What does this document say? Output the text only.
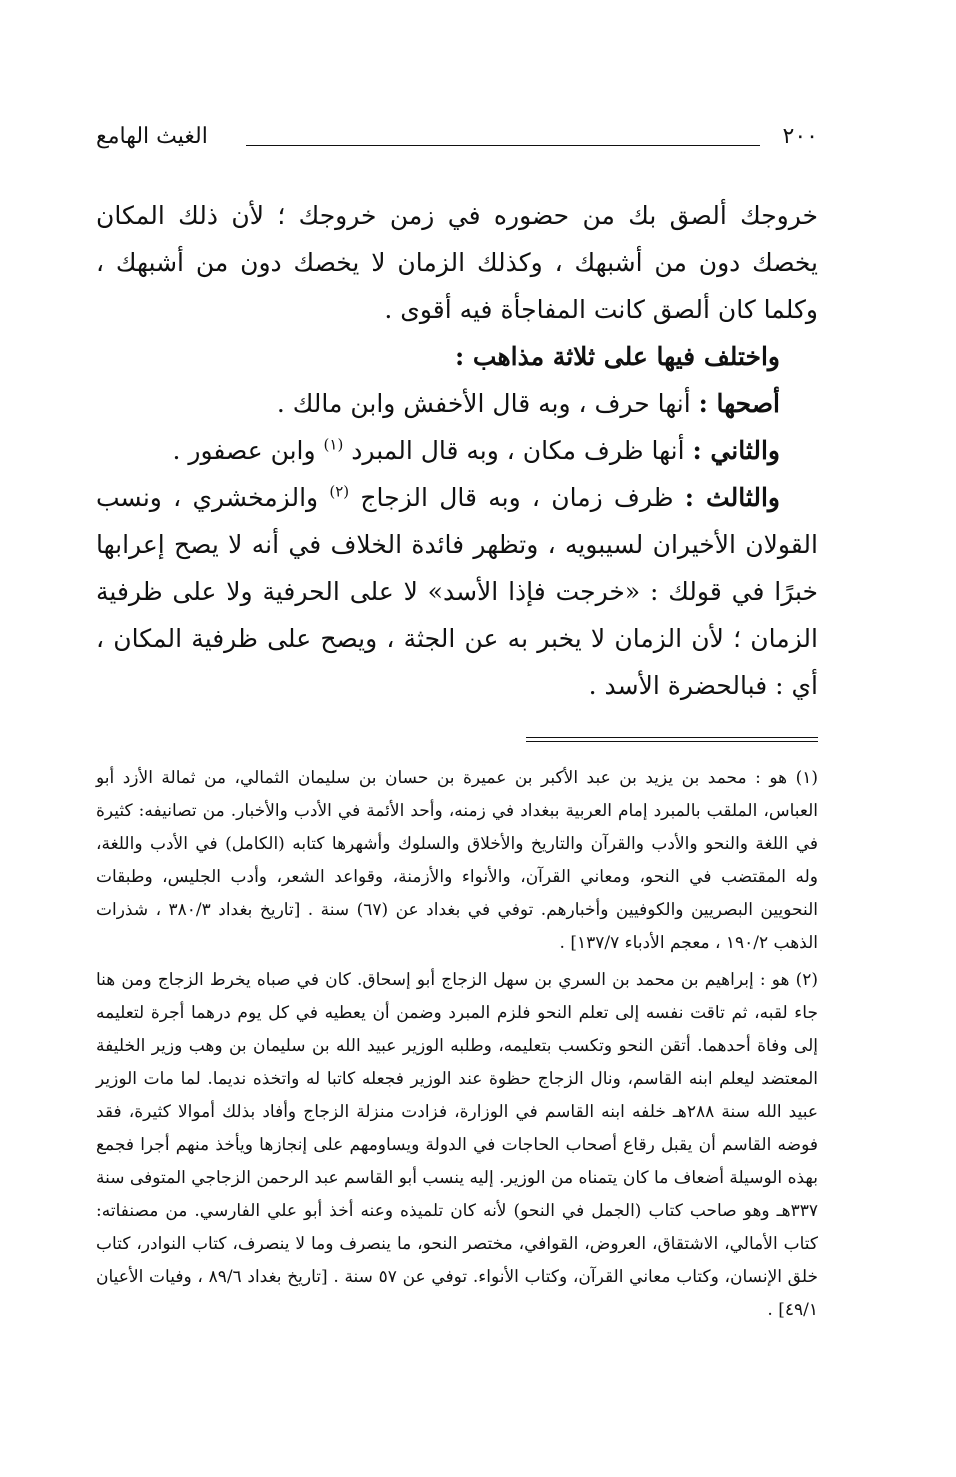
٢٠٠
الغيث الهامع

خروجك ألصق بك من حضوره في زمن خروجك ؛ لأن ذلك المكان يخصك دون من أشبهك ، وكذلك الزمان لا يخصك دون من أشبهك ، وكلما كان ألصق كانت المفاجأة فيه أقوى .

واختلف فيها على ثلاثة مذاهب :

أصحها : أنها حرف ، وبه قال الأخفش وابن مالك .

والثاني : أنها ظرف مكان ، وبه قال المبرد $^{(١)}$ وابن عصفور .

والثالث : ظرف زمان ، وبه قال الزجاج $^{(٢)}$ والزمخشري ، ونسب القولان الأخيران لسيبويه ، وتظهر فائدة الخلاف في أنه لا يصح إعرابها خبرًا في قولك : «خرجت فإذا الأسد» لا على الحرفية ولا على ظرفية الزمان ؛ لأن الزمان لا يخبر به عن الجثة ، ويصح على ظرفية المكان ، أي : فبالحضرة الأسد .

(١) هو : محمد بن يزيد بن عبد الأكبر بن عميرة بن حسان بن سليمان الثمالي، من ثمالة الأزد أبو العباس، الملقب بالمبرد إمام العربية ببغداد في زمنه، وأحد الأئمة في الأدب والأخبار. من تصانيفه: كثيرة في اللغة والنحو والأدب والقرآن والتاريخ والأخلاق والسلوك وأشهرها كتابه (الكامل) في الأدب واللغة، وله المقتضب في النحو، ومعاني القرآن، والأنواء والأزمنة، وقواعد الشعر، وأدب الجليس، وطبقات النحويين البصريين والكوفيين وأخبارهم. توفي في بغداد عن (٦٧) سنة . [تاريخ بغداد ٣٨٠/٣ ، شذرات الذهب ١٩٠/٢ ، معجم الأدباء ١٣٧/٧] .

(٢) هو : إبراهيم بن محمد بن السري بن سهل الزجاج أبو إسحاق. كان في صباه يخرط الزجاج ومن هنا جاء لقبه، ثم تاقت نفسه إلى تعلم النحو فلزم المبرد وضمن أن يعطيه في كل يوم درهما أجرة لتعليمه إلى وفاة أحدهما. أتقن النحو وتكسب بتعليمه، وطلبه الوزير عبيد الله بن سليمان بن وهب وزير الخليفة المعتضد ليعلم ابنه القاسم، ونال الزجاج حظوة عند الوزير فجعله كاتبا له واتخذه نديما. لما مات الوزير عبيد الله سنة ٢٨٨هـ خلفه ابنه القاسم في الوزارة، فزادت منزلة الزجاج وأفاد بذلك أموالا كثيرة، فقد فوضه القاسم أن يقبل رقاع أصحاب الحاجات في الدولة ويساومهم على إنجازها ويأخذ منهم أجرا فجمع بهذه الوسيلة أضعاف ما كان يتمناه من الوزير. إليه ينسب أبو القاسم عبد الرحمن الزجاجي المتوفى سنة ٣٣٧هـ وهو صاحب كتاب (الجمل في النحو) لأنه كان تلميذه وعنه أخذ أبو علي الفارسي. من مصنفاته: كتاب الأمالي، الاشتقاق، العروض، القوافي، مختصر النحو، ما ينصرف وما لا ينصرف، كتاب النوادر، كتاب خلق الإنسان، وكتاب معاني القرآن، وكتاب الأنواء. توفي عن ٥٧ سنة . [تاريخ بغداد ٨٩/٦ ، وفيات الأعيان ٤٩/١] .
